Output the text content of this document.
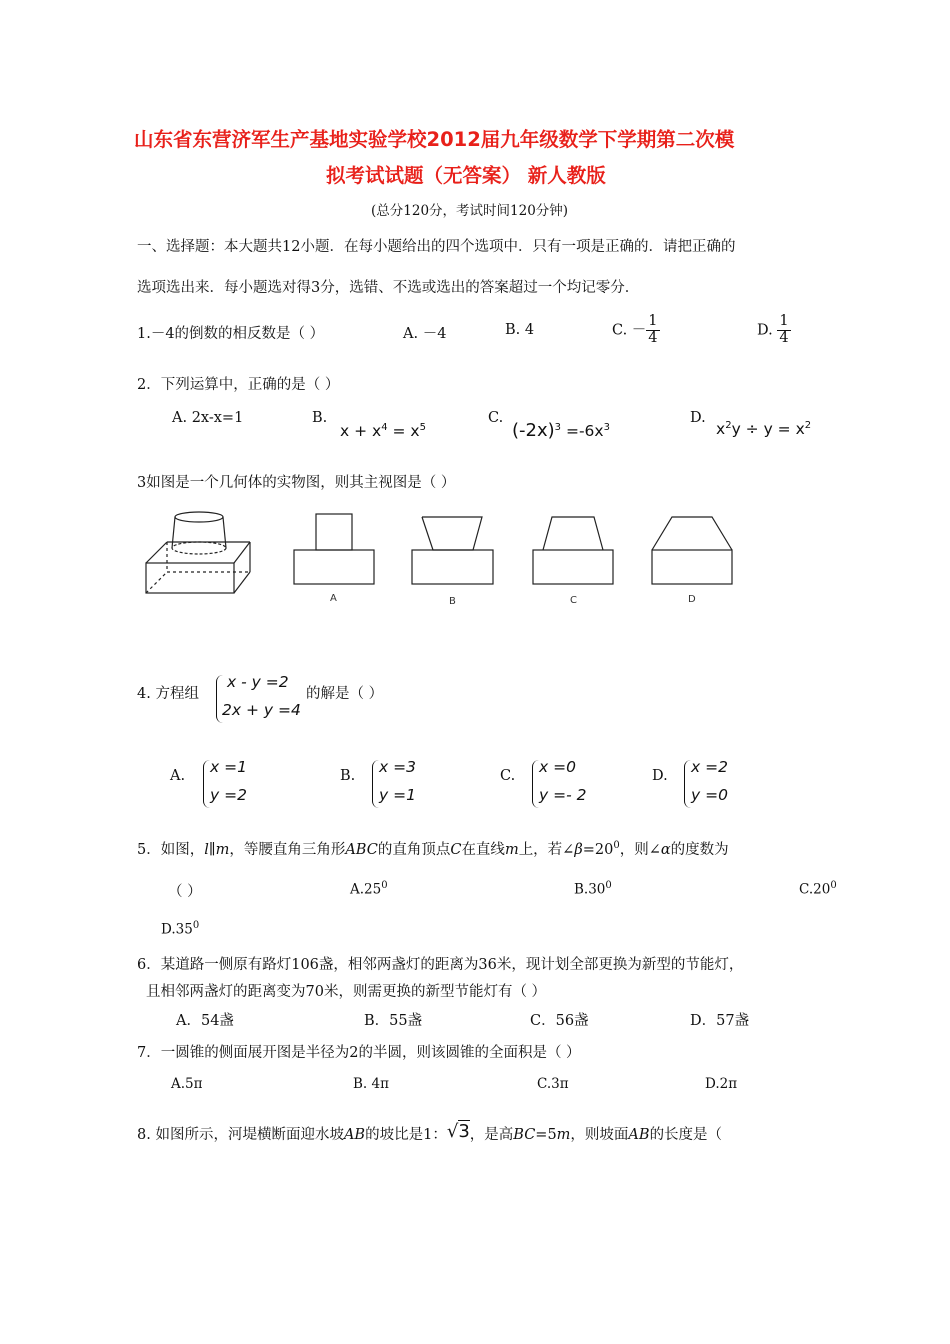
山东省东营济军生产基地实验学校2012届九年级数学下学期第二次模
拟考试试题（无答案） 新人教版
(总分120分，考试时间120分钟)
一、选择题：本大题共12小题．在每小题给出的四个选项中．只有一项是正确的．请把正确的
选项选出来．每小题选对得3分，选错、不选或选出的答案超过一个均记零分．
1.－4的倒数的相反数是（ ）	A. －4	B. 4	C. － $\frac{1}{4}$	D. $\frac{1}{4}$
2．下列运算中，正确的是（ ）
A. 2x-x=1	B.
$x + x^4 = x^5$
C.
$(-2x)^3 =-6x^3$
D.
$x^2y \div y = x^2$
3如图是一个几何体的实物图，则其主视图是（ ）
A	B	C	D
4. 方程组
x - y =2
2x + y =4
的解是（ ）
A. x =1
y =2
B. x =3
y =1
C. x =0
y =- 2
D. x =2
y =0
5．如图，l∥m，等腰直角三角形ABC的直角顶点C在直线m上，若$\angle\beta=20^0$，则∠α的度数为
（ ）	$A.25^0$	$B.30^0$	$C.20^0$
$D.35^0$
6．某道路一侧原有路灯106盏，相邻两盏灯的距离为36米，现计划全部更换为新型的节能灯，
且相邻两盏灯的距离变为70米，则需更换的新型节能灯有（ ）
A．54盏	B．55盏	C．56盏	D．57盏
7．一圆锥的侧面展开图是半径为2的半圆，则该圆锥的全面积是（ ）
A.5π	B. 4π	C.3π	D.2π
8. 如图所示，河堤横断面迎水坡AB的坡比是1：√3，是高BC=5m，则坡面AB的长度是（
